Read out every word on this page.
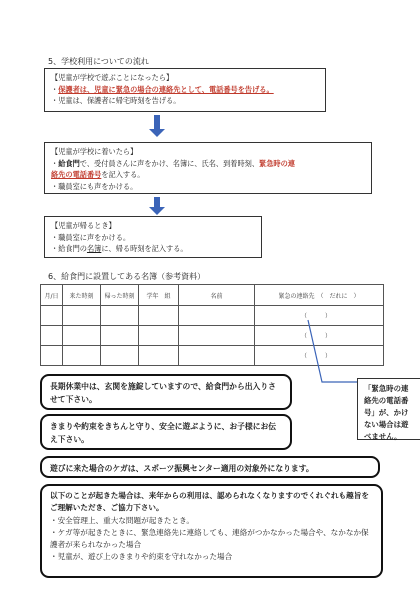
5、学校利用についての流れ
【児童が学校で遊ぶことになったら】
・保護者は、児童に緊急の場合の連絡先として、電話番号を告げる。
・児童は、保護者に帰宅時刻を告げる。
【児童が学校に着いたら】
・給食門で、受付員さんに声をかけ、名簿に、氏名、到着時刻、緊急時の連
絡先の電話番号を記入する。
・職員室にも声をかける。
【児童が帰るとき】
・職員室に声をかける。
・給食門の名簿に、帰る時刻を記入する。
6、給食門に設置してある名簿（参考資料）
月/日	来た時刻	帰った時刻	学年　組	名前	緊急の連絡先　（　だれに　）
					（　　　）
					（　　　）
					（　　　）
「緊急時の連絡先の電話番号」が、かけない場合は遊べません。
長期休業中は、玄関を施錠していますので、給食門から出入りさせて下さい。
きまりや約束をきちんと守り、安全に遊ぶように、お子様にお伝え下さい。
遊びに来た場合のケガは、スポーツ振興センター適用の対象外になります。
以下のことが起きた場合は、来年からの利用は、認められなくなりますのでくれぐれも趣旨をご理解いただき、ご協力下さい。
・安全管理上、重大な問題が起きたとき。
・ケガ等が起きたときに、緊急連絡先に連絡しても、連絡がつかなかった場合や、なかなか保護者が来られなかった場合
・児童が、遊び上のきまりや約束を守れなかった場合
